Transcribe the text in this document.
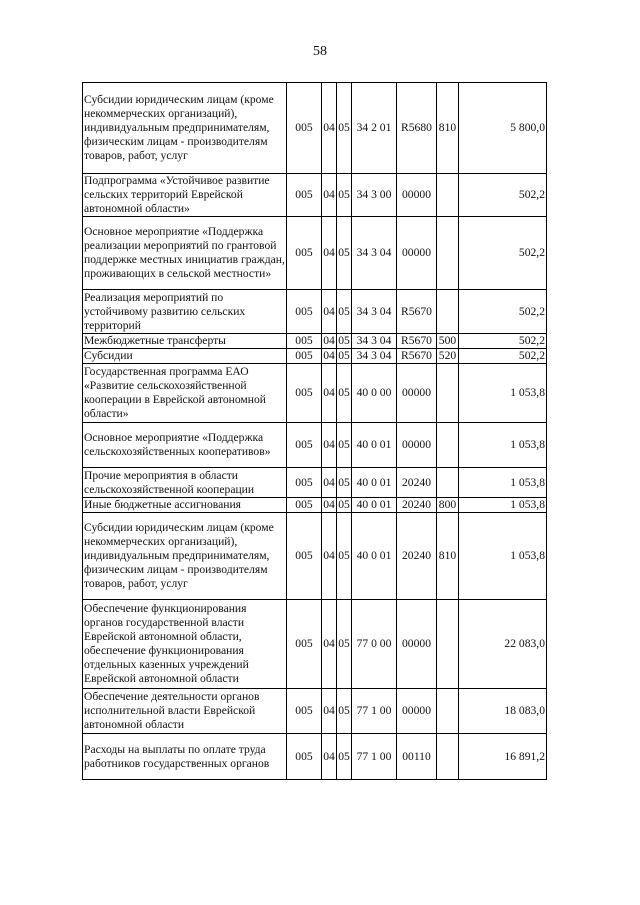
58
Субсидии юридическим лицам (кроме некоммерческих организаций), индивидуальным предпринимателям, физическим лицам - производителям товаров, работ, услуг	005	04	05	34 2 01	R5680	810	5 800,0
Подпрограмма «Устойчивое развитие сельских территорий Еврейской автономной области»	005	04	05	34 3 00	00000		502,2
Основное мероприятие «Поддержка реализации мероприятий по грантовой поддержке местных инициатив граждан, проживающих в сельской местности»	005	04	05	34 3 04	00000		502,2
Реализация мероприятий по устойчивому развитию сельских территорий	005	04	05	34 3 04	R5670		502,2
Межбюджетные трансферты	005	04	05	34 3 04	R5670	500	502,2
Субсидии	005	04	05	34 3 04	R5670	520	502,2
Государственная программа ЕАО «Развитие сельскохозяйственной кооперации в Еврейской автономной области»	005	04	05	40 0 00	00000		1 053,8
Основное мероприятие «Поддержка сельскохозяйственных кооперативов»	005	04	05	40 0 01	00000		1 053,8
Прочие мероприятия в области сельскохозяйственной кооперации	005	04	05	40 0 01	20240		1 053,8
Иные бюджетные ассигнования	005	04	05	40 0 01	20240	800	1 053,8
Субсидии юридическим лицам (кроме некоммерческих организаций), индивидуальным предпринимателям, физическим лицам - производителям товаров, работ, услуг	005	04	05	40 0 01	20240	810	1 053,8
Обеспечение функционирования органов государственной власти Еврейской автономной области, обеспечение функционирования отдельных казенных учреждений Еврейской автономной области	005	04	05	77 0 00	00000		22 083,0
Обеспечение деятельности органов исполнительной власти Еврейской автономной области	005	04	05	77 1 00	00000		18 083,0
Расходы на выплаты по оплате труда работников государственных органов	005	04	05	77 1 00	00110		16 891,2
